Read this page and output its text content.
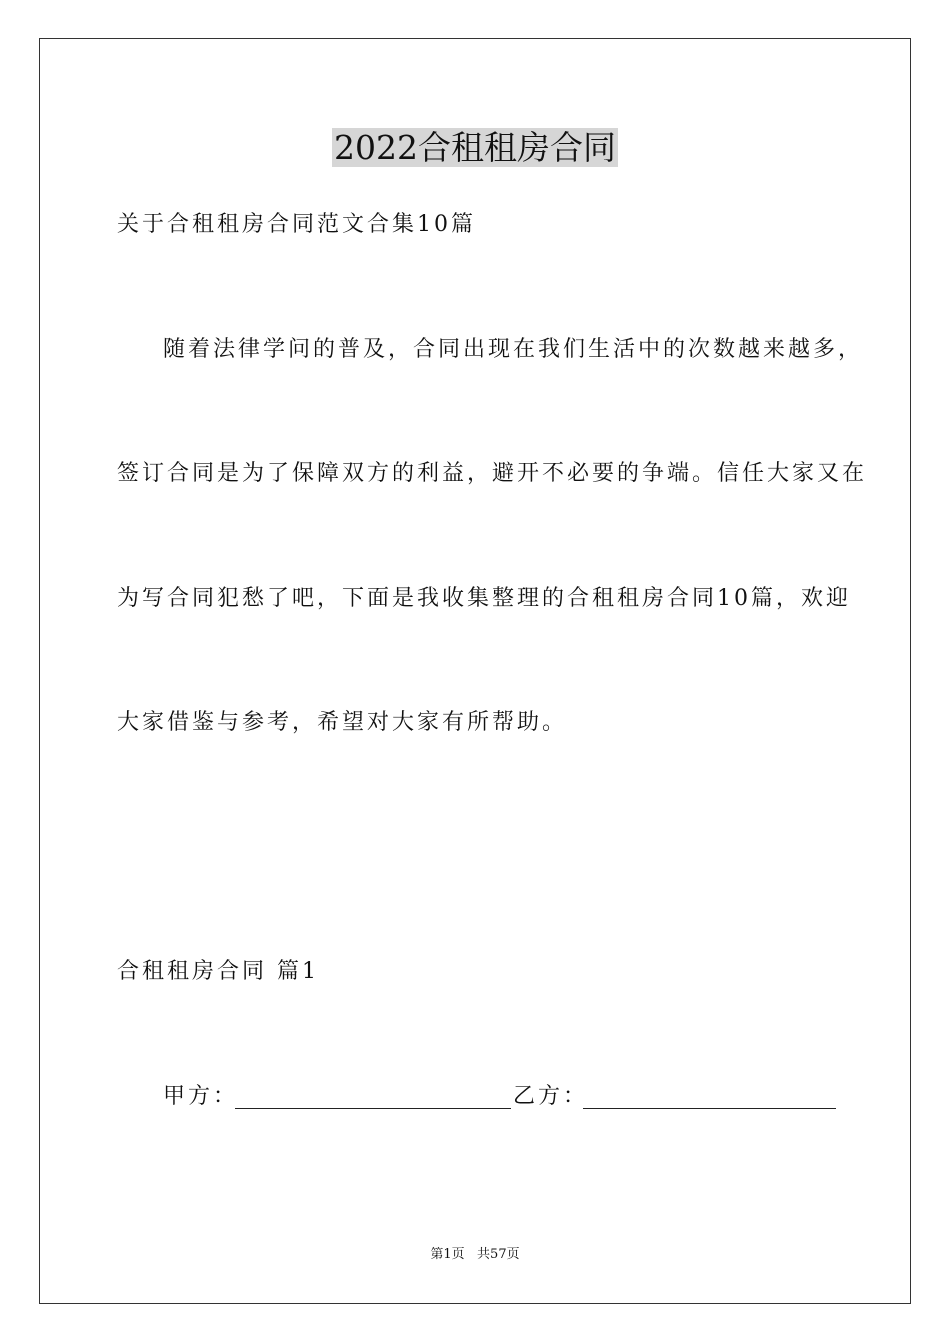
2022合租租房合同
关于合租租房合同范文合集10篇
随着法律学问的普及，合同出现在我们生活中的次数越来越多，
签订合同是为了保障双方的利益，避开不必要的争端。信任大家又在
为写合同犯愁了吧，下面是我收集整理的合租租房合同10篇，欢迎
大家借鉴与参考，希望对大家有所帮助。
合租租房合同 篇1
甲方：	乙方：
第1页   共57页
